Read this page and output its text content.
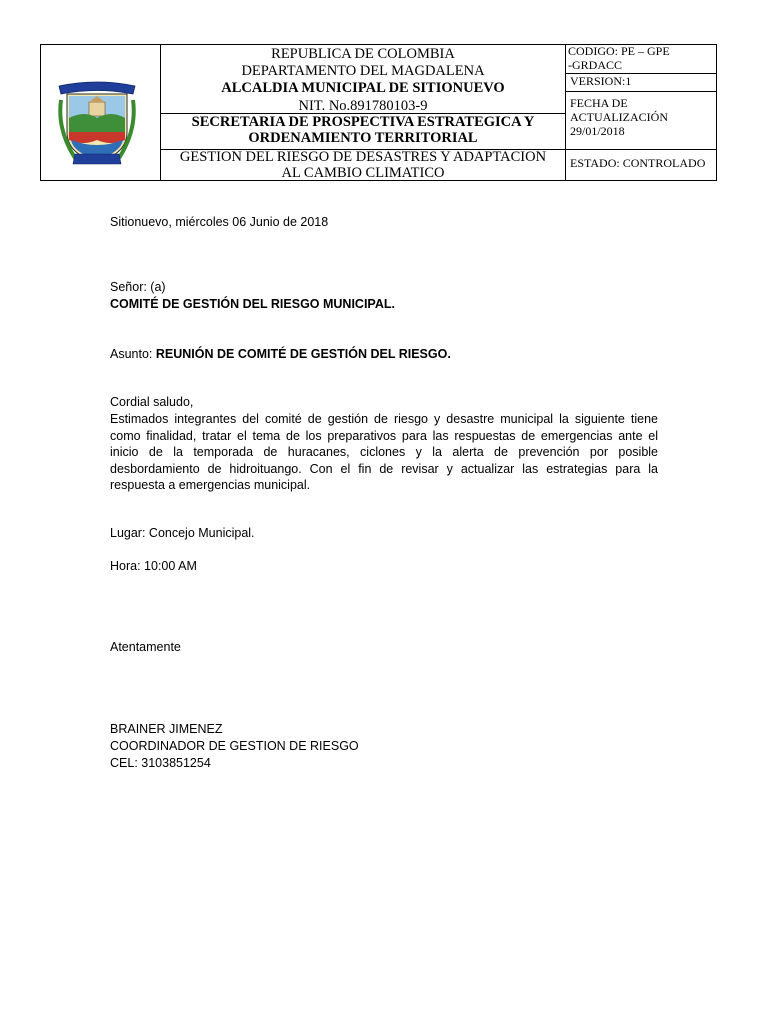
REPUBLICA DE COLOMBIA
DEPARTAMENTO DEL MAGDALENA
ALCALDIA MUNICIPAL DE SITIONUEVO
NIT. No.891780103-9
SECRETARIA DE PROSPECTIVA ESTRATEGICA Y
ORDENAMIENTO TERRITORIAL
GESTION DEL RIESGO DE DESASTRES Y ADAPTACION
AL CAMBIO CLIMATICO
CODIGO: PE – GPE
-GRDACC
VERSION:1
FECHA DE
ACTUALIZACIÓN
29/01/2018
ESTADO: CONTROLADO
Sitionuevo, miércoles 06 Junio de 2018
Señor: (a)
COMITÉ DE GESTIÓN DEL RIESGO MUNICIPAL.
Asunto: REUNIÓN DE COMITÉ DE GESTIÓN DEL RIESGO.
Cordial saludo,
Estimados integrantes del comité de gestión de riesgo y desastre municipal la siguiente tiene como finalidad, tratar el tema de los preparativos para las respuestas de emergencias ante el inicio de la temporada de huracanes, ciclones y la alerta de prevención por posible desbordamiento de hidroituango. Con el fin de revisar y actualizar las estrategias para la respuesta a emergencias municipal.
Lugar: Concejo Municipal.
Hora: 10:00 AM
Atentamente
BRAINER JIMENEZ
COORDINADOR DE GESTION DE RIESGO
CEL: 3103851254
